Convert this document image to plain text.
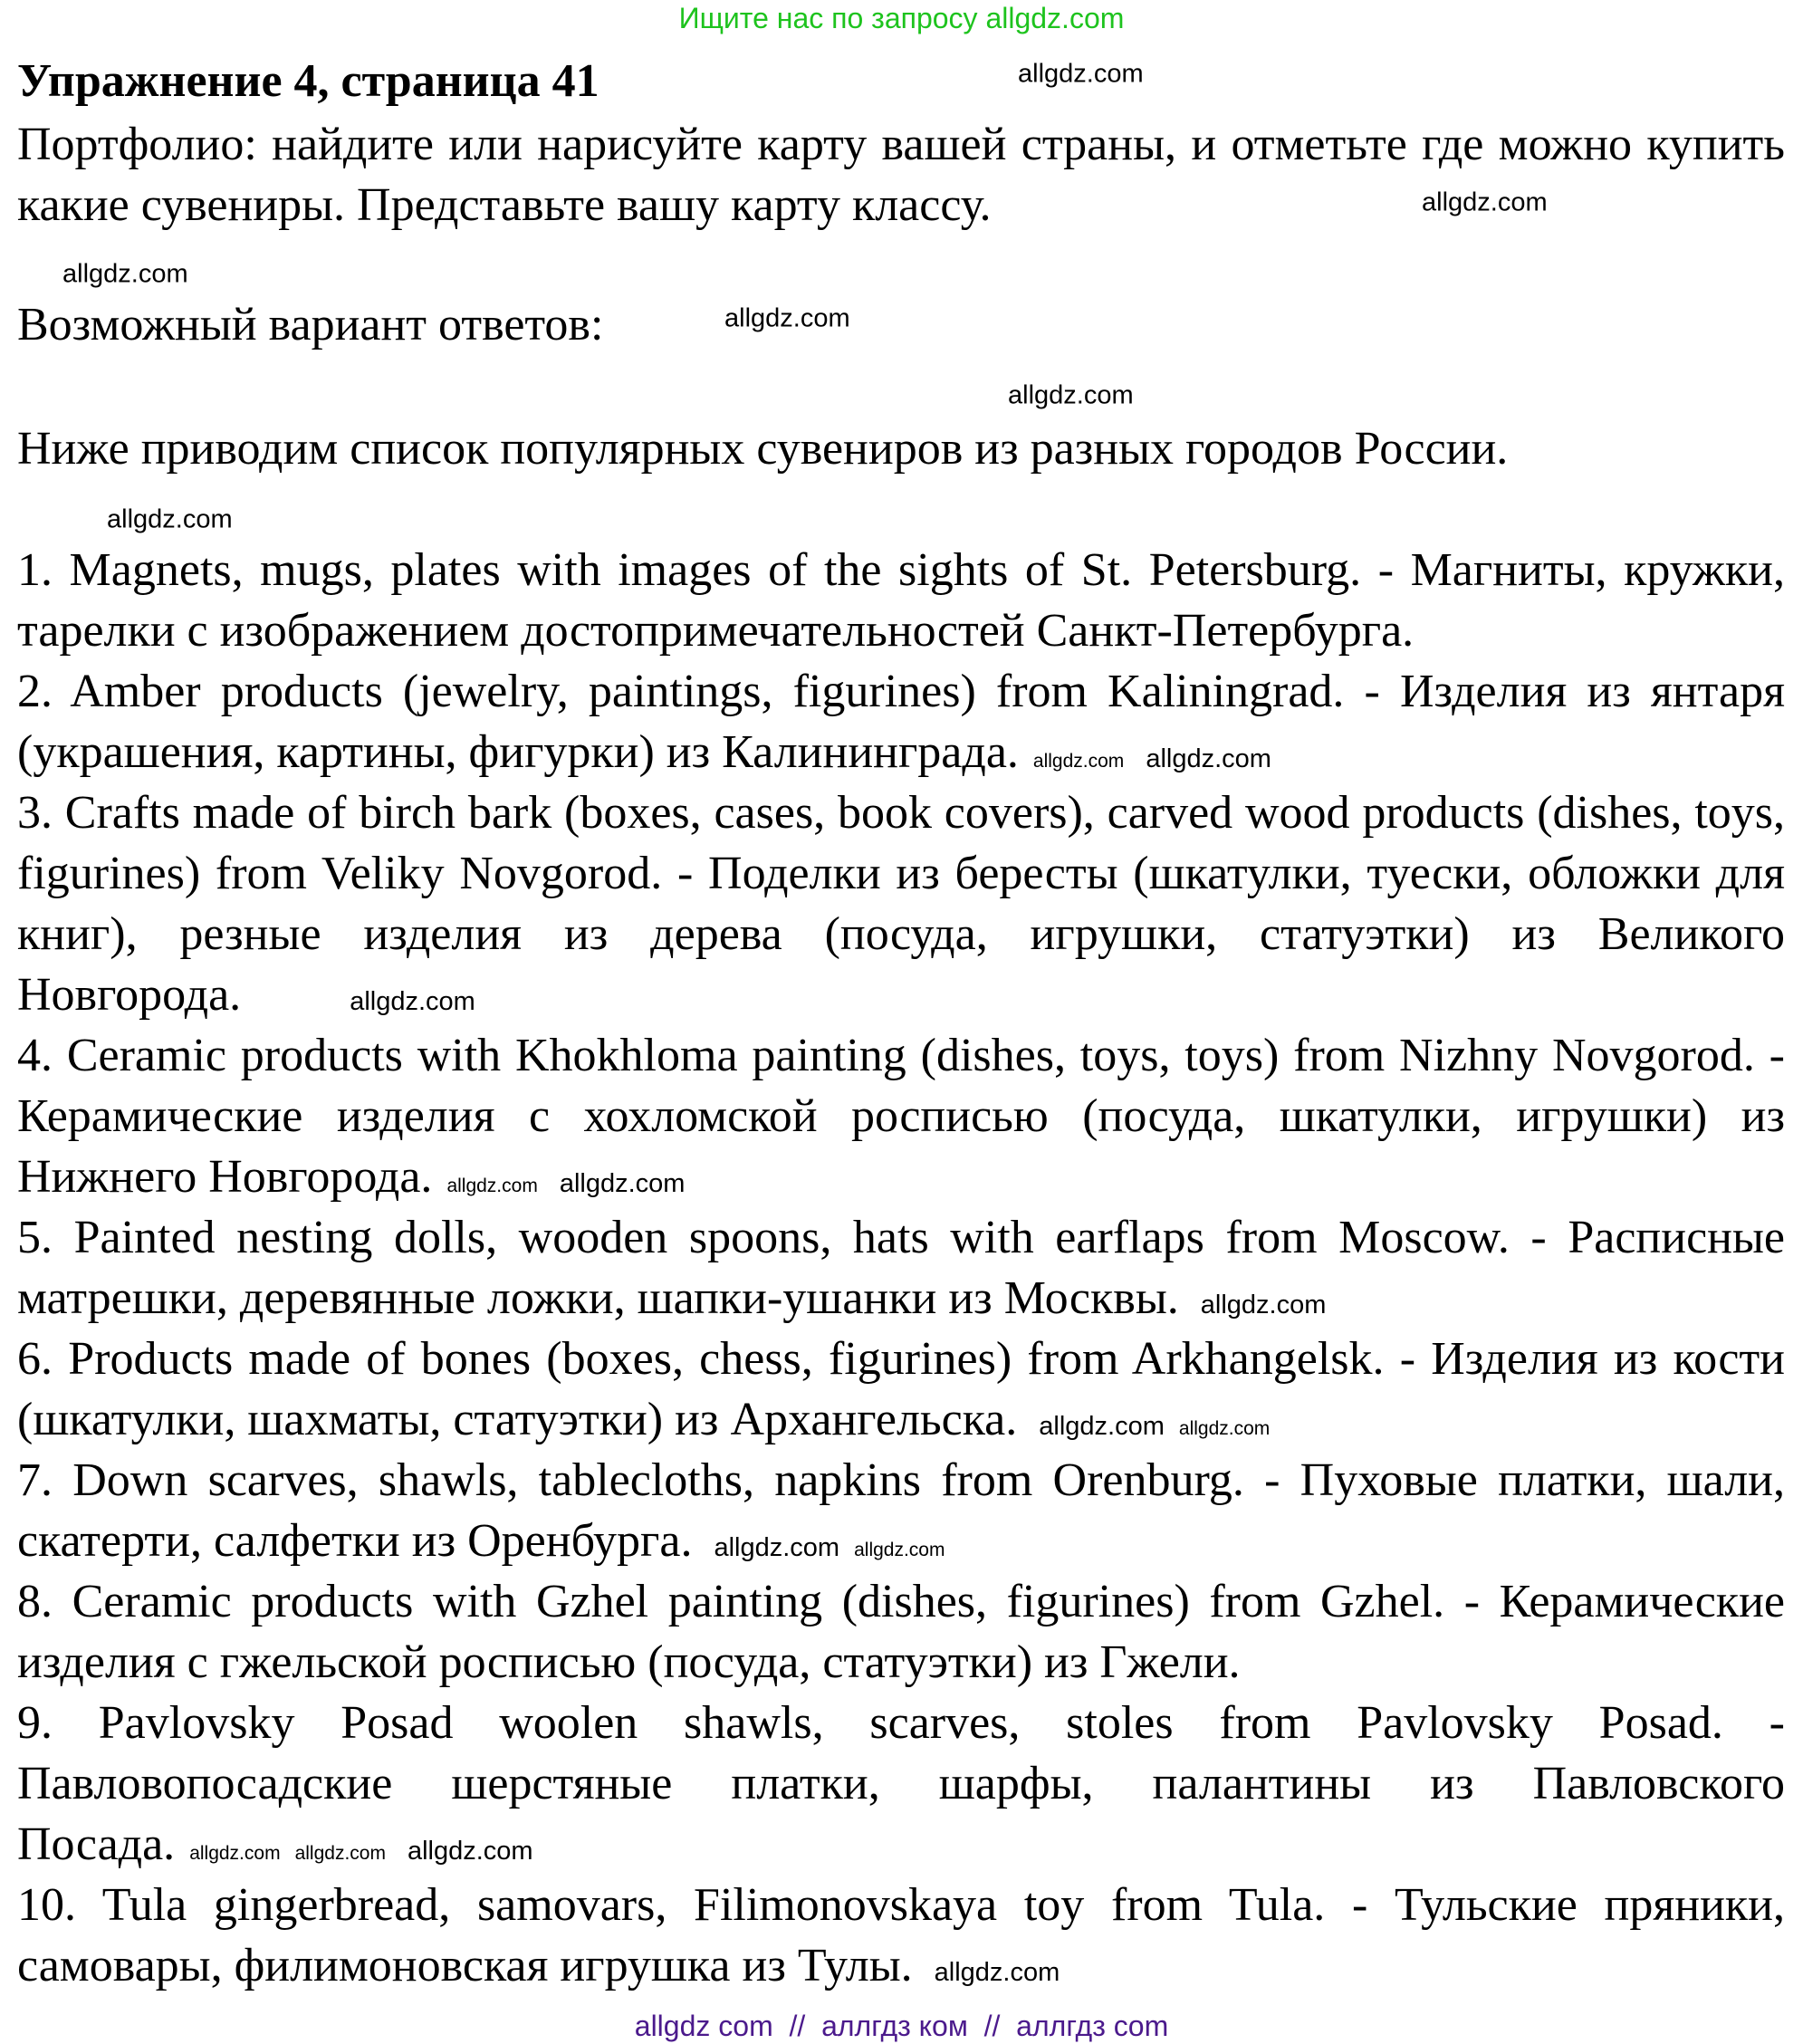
Ищите нас по запросу allgdz.com
Упражнение 4, страница 41

Портфолио: найдите или нарисуйте карту вашей страны, и отметьте где можно купить какие сувениры. Представьте вашу карту классу.

Возможный вариант ответов:

Ниже приводим список популярных сувениров из разных городов России.

1. Magnets, mugs, plates with images of the sights of St. Petersburg. - Магниты, кружки, тарелки с изображением достопримечательностей Санкт-Петербурга.

2. Amber products (jewelry, paintings, figurines) from Kaliningrad. - Изделия из янтаря (украшения, картины, фигурки) из Калининграда. allgdz.com allgdz.com

3. Crafts made of birch bark (boxes, cases, book covers), carved wood products (dishes, toys, figurines) from Veliky Novgorod. - Поделки из бересты (шкатулки, туески, обложки для книг), резные изделия из дерева (посуда, игрушки, статуэтки) из Великого Новгорода.	allgdz.com

4. Ceramic products with Khokhloma painting (dishes, toys, toys) from Nizhny Novgorod. - Керамические изделия с хохломской росписью (посуда, шкатулки, игрушки) из Нижнего Новгорода. allgdz.com allgdz.com

5. Painted nesting dolls, wooden spoons, hats with earflaps from Moscow. - Расписные матрешки, деревянные ложки, шапки-ушанки из Москвы. allgdz.com

6. Products made of bones (boxes, chess, figurines) from Arkhangelsk. - Изделия из кости (шкатулки, шахматы, статуэтки) из Архангельска. allgdz.com allgdz.com

7. Down scarves, shawls, tablecloths, napkins from Orenburg. - Пуховые платки, шали, скатерти, салфетки из Оренбурга. allgdz.com allgdz.com

8. Ceramic products with Gzhel painting (dishes, figurines) from Gzhel. - Керамические изделия с гжельской росписью (посуда, статуэтки) из Гжели.

9. Pavlovsky Posad woolen shawls, scarves, stoles from Pavlovsky Posad. - Павловопосадские шерстяные платки, шарфы, палантины из Павловского Посада. allgdz.com allgdz.com allgdz.com

10. Tula gingerbread, samovars, Filimonovskaya toy from Tula. - Тульские пряники, самовары, филимоновская игрушка из Тулы. allgdz.com

allgdz.com
allgdz.com
allgdz.com
allgdz.com
allgdz.com
allgdz.com
allgdz com  //  аллгдз ком  //  аллгдз com
